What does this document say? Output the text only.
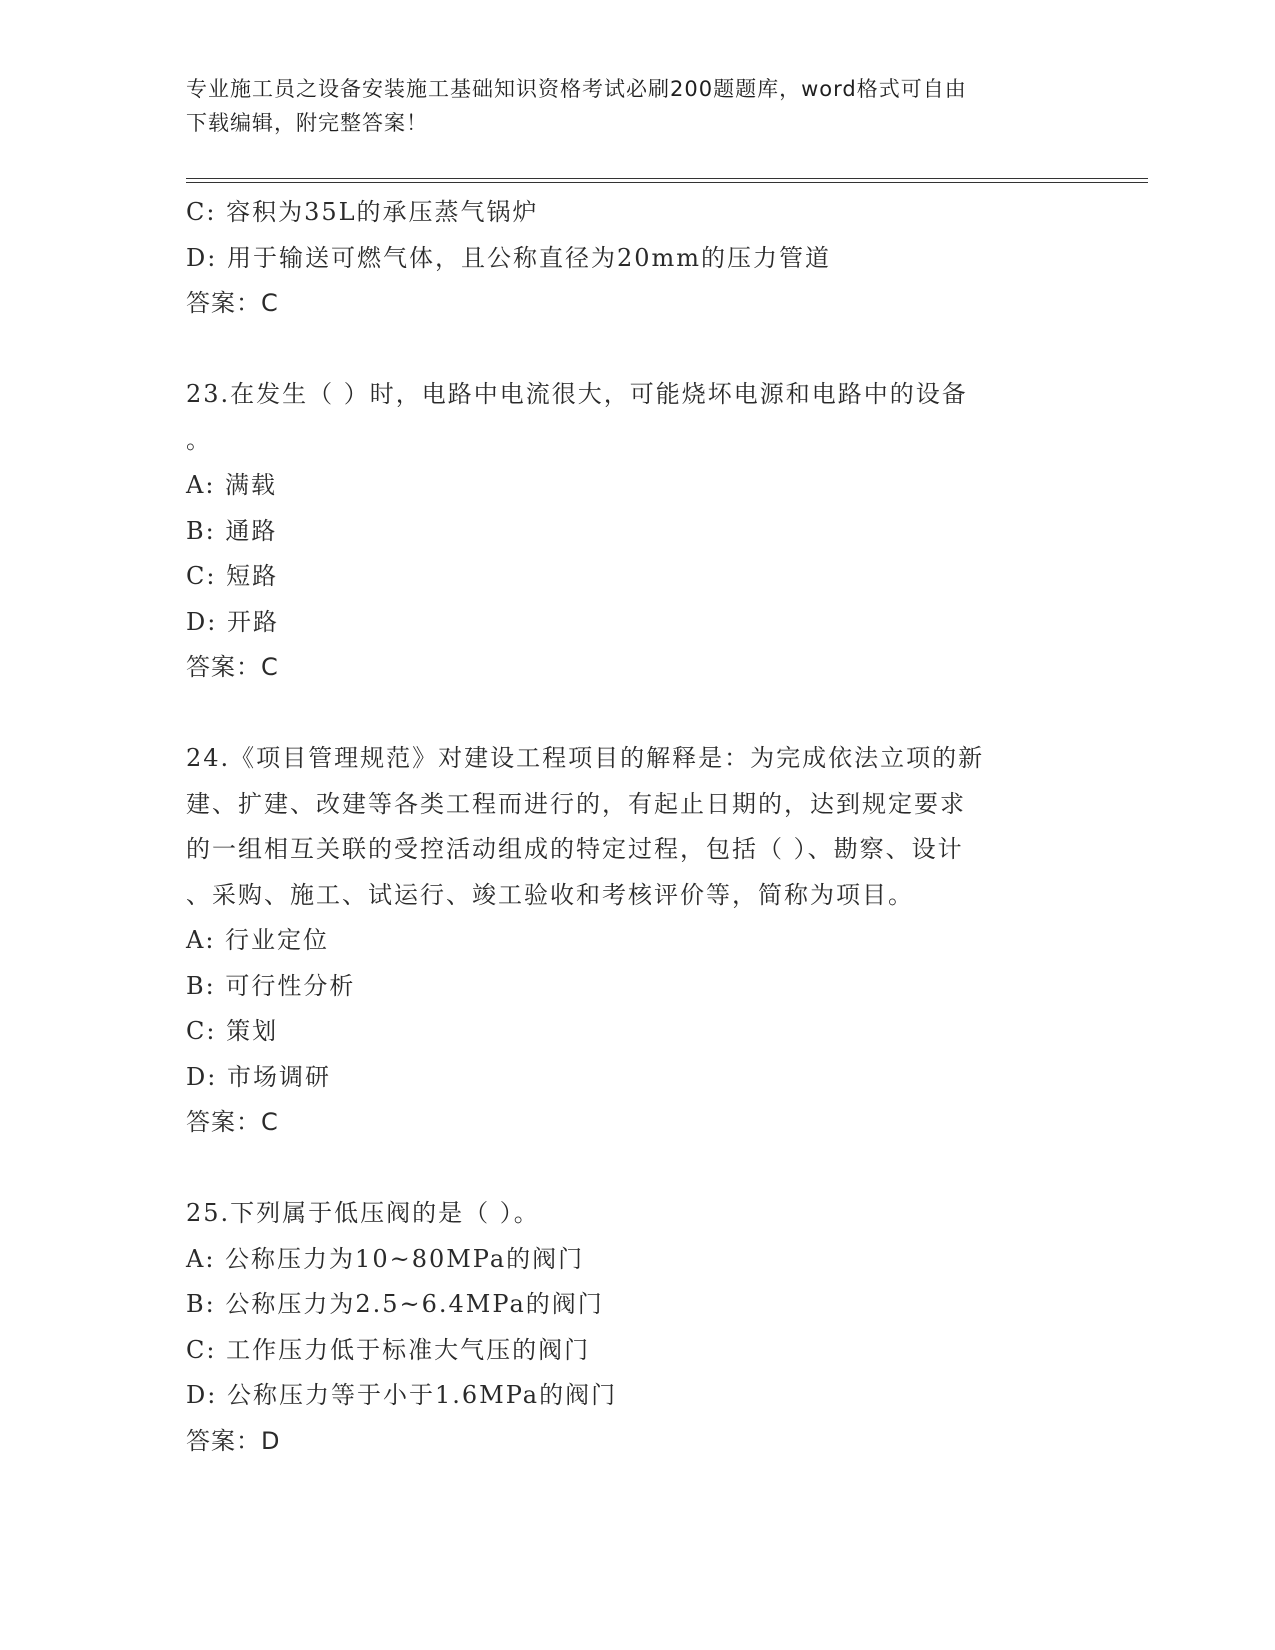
专业施工员之设备安装施工基础知识资格考试必刷200题题库，word格式可自由
下载编辑，附完整答案！
C: 容积为35L的承压蒸气锅炉
D: 用于输送可燃气体，且公称直径为20mm的压力管道
答案：C
23.在发生（ ）时，电路中电流很大，可能烧坏电源和电路中的设备
。
A: 满载
B: 通路
C: 短路
D: 开路
答案：C
24.《项目管理规范》对建设工程项目的解释是：为完成依法立项的新
建、扩建、改建等各类工程而进行的，有起止日期的，达到规定要求
的一组相互关联的受控活动组成的特定过程，包括（ ）、勘察、设计
、采购、施工、试运行、竣工验收和考核评价等，简称为项目。
A: 行业定位
B: 可行性分析
C: 策划
D: 市场调研
答案：C
25.下列属于低压阀的是（ ）。
A: 公称压力为10~80MPa的阀门
B: 公称压力为2.5~6.4MPa的阀门
C: 工作压力低于标准大气压的阀门
D: 公称压力等于小于1.6MPa的阀门
答案：D
